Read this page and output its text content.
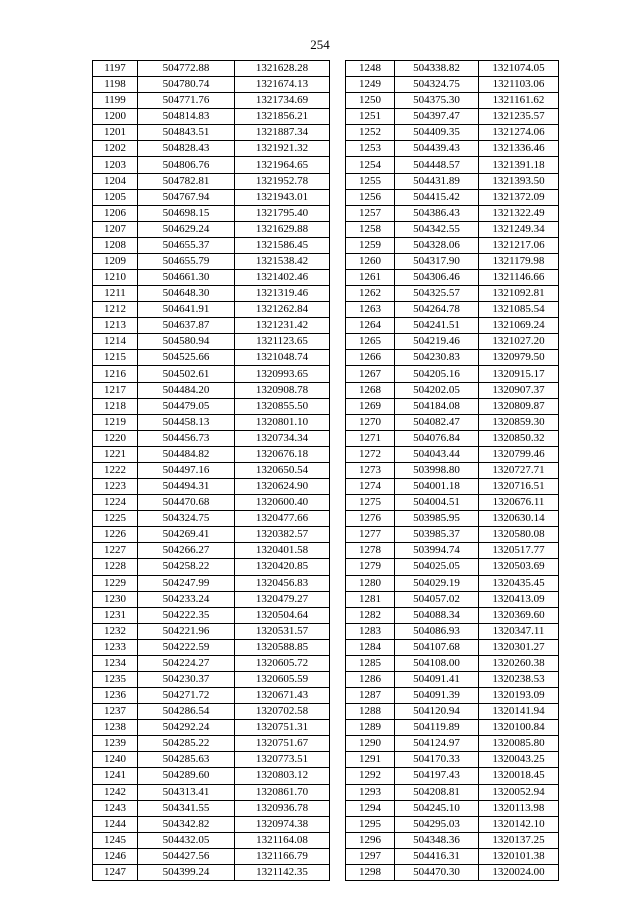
254
1197	504772.88	1321628.28
1198	504780.74	1321674.13
1199	504771.76	1321734.69
1200	504814.83	1321856.21
1201	504843.51	1321887.34
1202	504828.43	1321921.32
1203	504806.76	1321964.65
1204	504782.81	1321952.78
1205	504767.94	1321943.01
1206	504698.15	1321795.40
1207	504629.24	1321629.88
1208	504655.37	1321586.45
1209	504655.79	1321538.42
1210	504661.30	1321402.46
1211	504648.30	1321319.46
1212	504641.91	1321262.84
1213	504637.87	1321231.42
1214	504580.94	1321123.65
1215	504525.66	1321048.74
1216	504502.61	1320993.65
1217	504484.20	1320908.78
1218	504479.05	1320855.50
1219	504458.13	1320801.10
1220	504456.73	1320734.34
1221	504484.82	1320676.18
1222	504497.16	1320650.54
1223	504494.31	1320624.90
1224	504470.68	1320600.40
1225	504324.75	1320477.66
1226	504269.41	1320382.57
1227	504266.27	1320401.58
1228	504258.22	1320420.85
1229	504247.99	1320456.83
1230	504233.24	1320479.27
1231	504222.35	1320504.64
1232	504221.96	1320531.57
1233	504222.59	1320588.85
1234	504224.27	1320605.72
1235	504230.37	1320605.59
1236	504271.72	1320671.43
1237	504286.54	1320702.58
1238	504292.24	1320751.31
1239	504285.22	1320751.67
1240	504285.63	1320773.51
1241	504289.60	1320803.12
1242	504313.41	1320861.70
1243	504341.55	1320936.78
1244	504342.82	1320974.38
1245	504432.05	1321164.08
1246	504427.56	1321166.79
1247	504399.24	1321142.35
1248	504338.82	1321074.05
1249	504324.75	1321103.06
1250	504375.30	1321161.62
1251	504397.47	1321235.57
1252	504409.35	1321274.06
1253	504439.43	1321336.46
1254	504448.57	1321391.18
1255	504431.89	1321393.50
1256	504415.42	1321372.09
1257	504386.43	1321322.49
1258	504342.55	1321249.34
1259	504328.06	1321217.06
1260	504317.90	1321179.98
1261	504306.46	1321146.66
1262	504325.57	1321092.81
1263	504264.78	1321085.54
1264	504241.51	1321069.24
1265	504219.46	1321027.20
1266	504230.83	1320979.50
1267	504205.16	1320915.17
1268	504202.05	1320907.37
1269	504184.08	1320809.87
1270	504082.47	1320859.30
1271	504076.84	1320850.32
1272	504043.44	1320799.46
1273	503998.80	1320727.71
1274	504001.18	1320716.51
1275	504004.51	1320676.11
1276	503985.95	1320630.14
1277	503985.37	1320580.08
1278	503994.74	1320517.77
1279	504025.05	1320503.69
1280	504029.19	1320435.45
1281	504057.02	1320413.09
1282	504088.34	1320369.60
1283	504086.93	1320347.11
1284	504107.68	1320301.27
1285	504108.00	1320260.38
1286	504091.41	1320238.53
1287	504091.39	1320193.09
1288	504120.94	1320141.94
1289	504119.89	1320100.84
1290	504124.97	1320085.80
1291	504170.33	1320043.25
1292	504197.43	1320018.45
1293	504208.81	1320052.94
1294	504245.10	1320113.98
1295	504295.03	1320142.10
1296	504348.36	1320137.25
1297	504416.31	1320101.38
1298	504470.30	1320024.00
